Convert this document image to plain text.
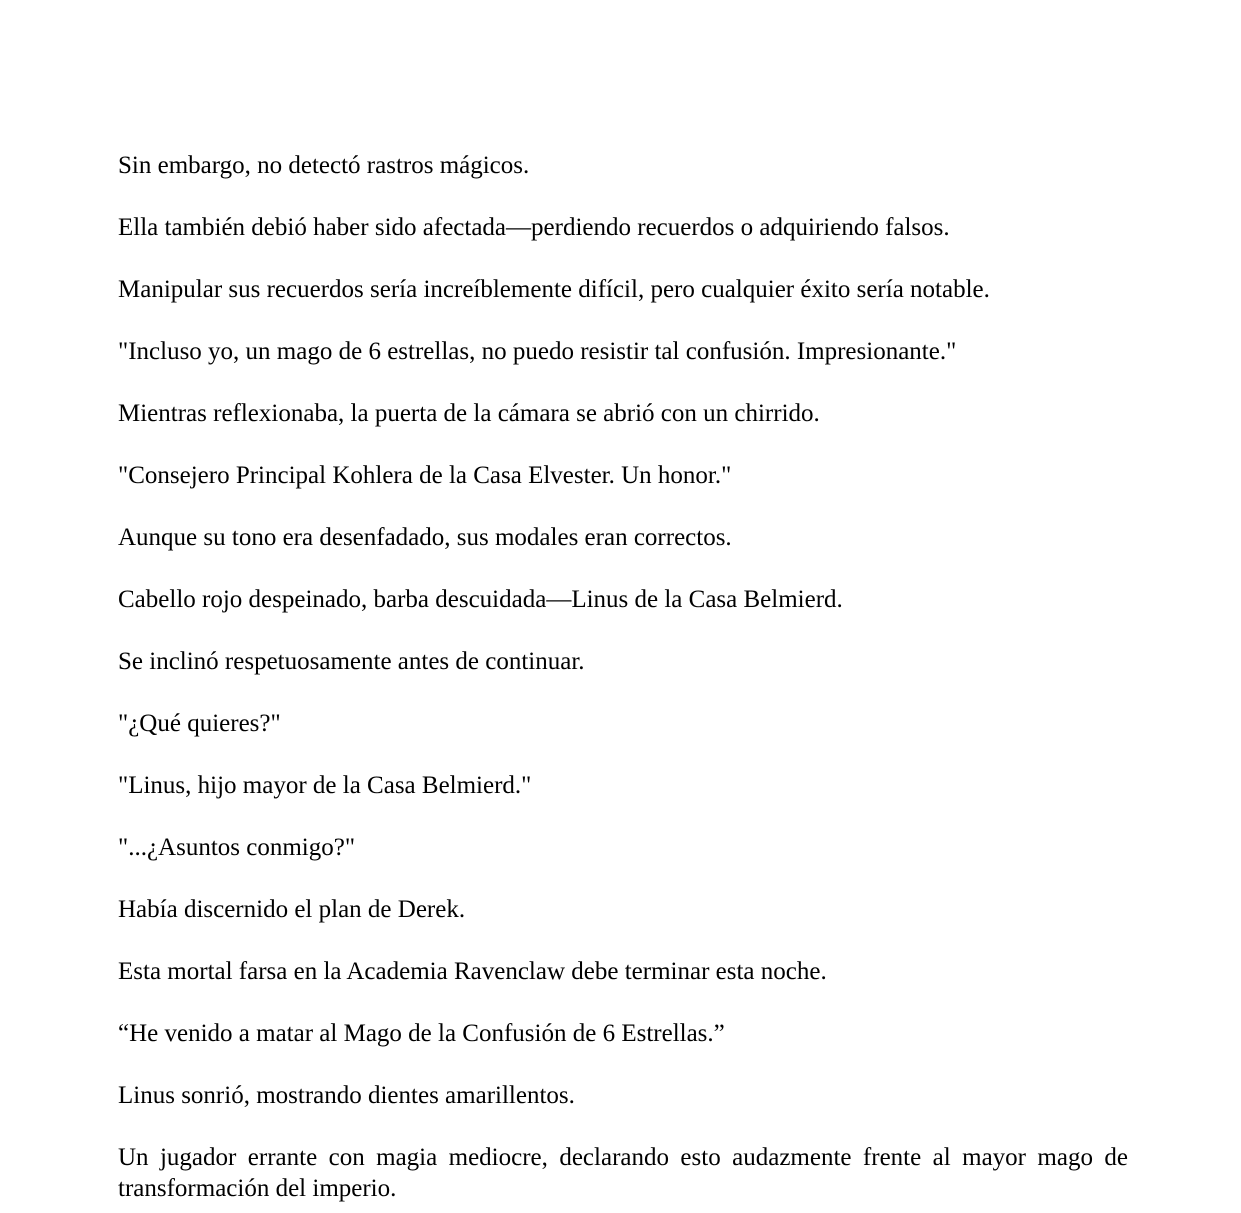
Sin embargo, no detectó rastros mágicos.

Ella también debió haber sido afectada—perdiendo recuerdos o adquiriendo falsos.

Manipular sus recuerdos sería increíblemente difícil, pero cualquier éxito sería notable.

"Incluso yo, un mago de 6 estrellas, no puedo resistir tal confusión. Impresionante."

Mientras reflexionaba, la puerta de la cámara se abrió con un chirrido.

"Consejero Principal Kohlera de la Casa Elvester. Un honor."

Aunque su tono era desenfadado, sus modales eran correctos.

Cabello rojo despeinado, barba descuidada—Linus de la Casa Belmierd.

Se inclinó respetuosamente antes de continuar.

"¿Qué quieres?"

"Linus, hijo mayor de la Casa Belmierd."

"...¿Asuntos conmigo?"

Había discernido el plan de Derek.

Esta mortal farsa en la Academia Ravenclaw debe terminar esta noche.

“He venido a matar al Mago de la Confusión de 6 Estrellas.”

Linus sonrió, mostrando dientes amarillentos.

Un jugador errante con magia mediocre, declarando esto audazmente frente al mayor mago de transformación del imperio.
